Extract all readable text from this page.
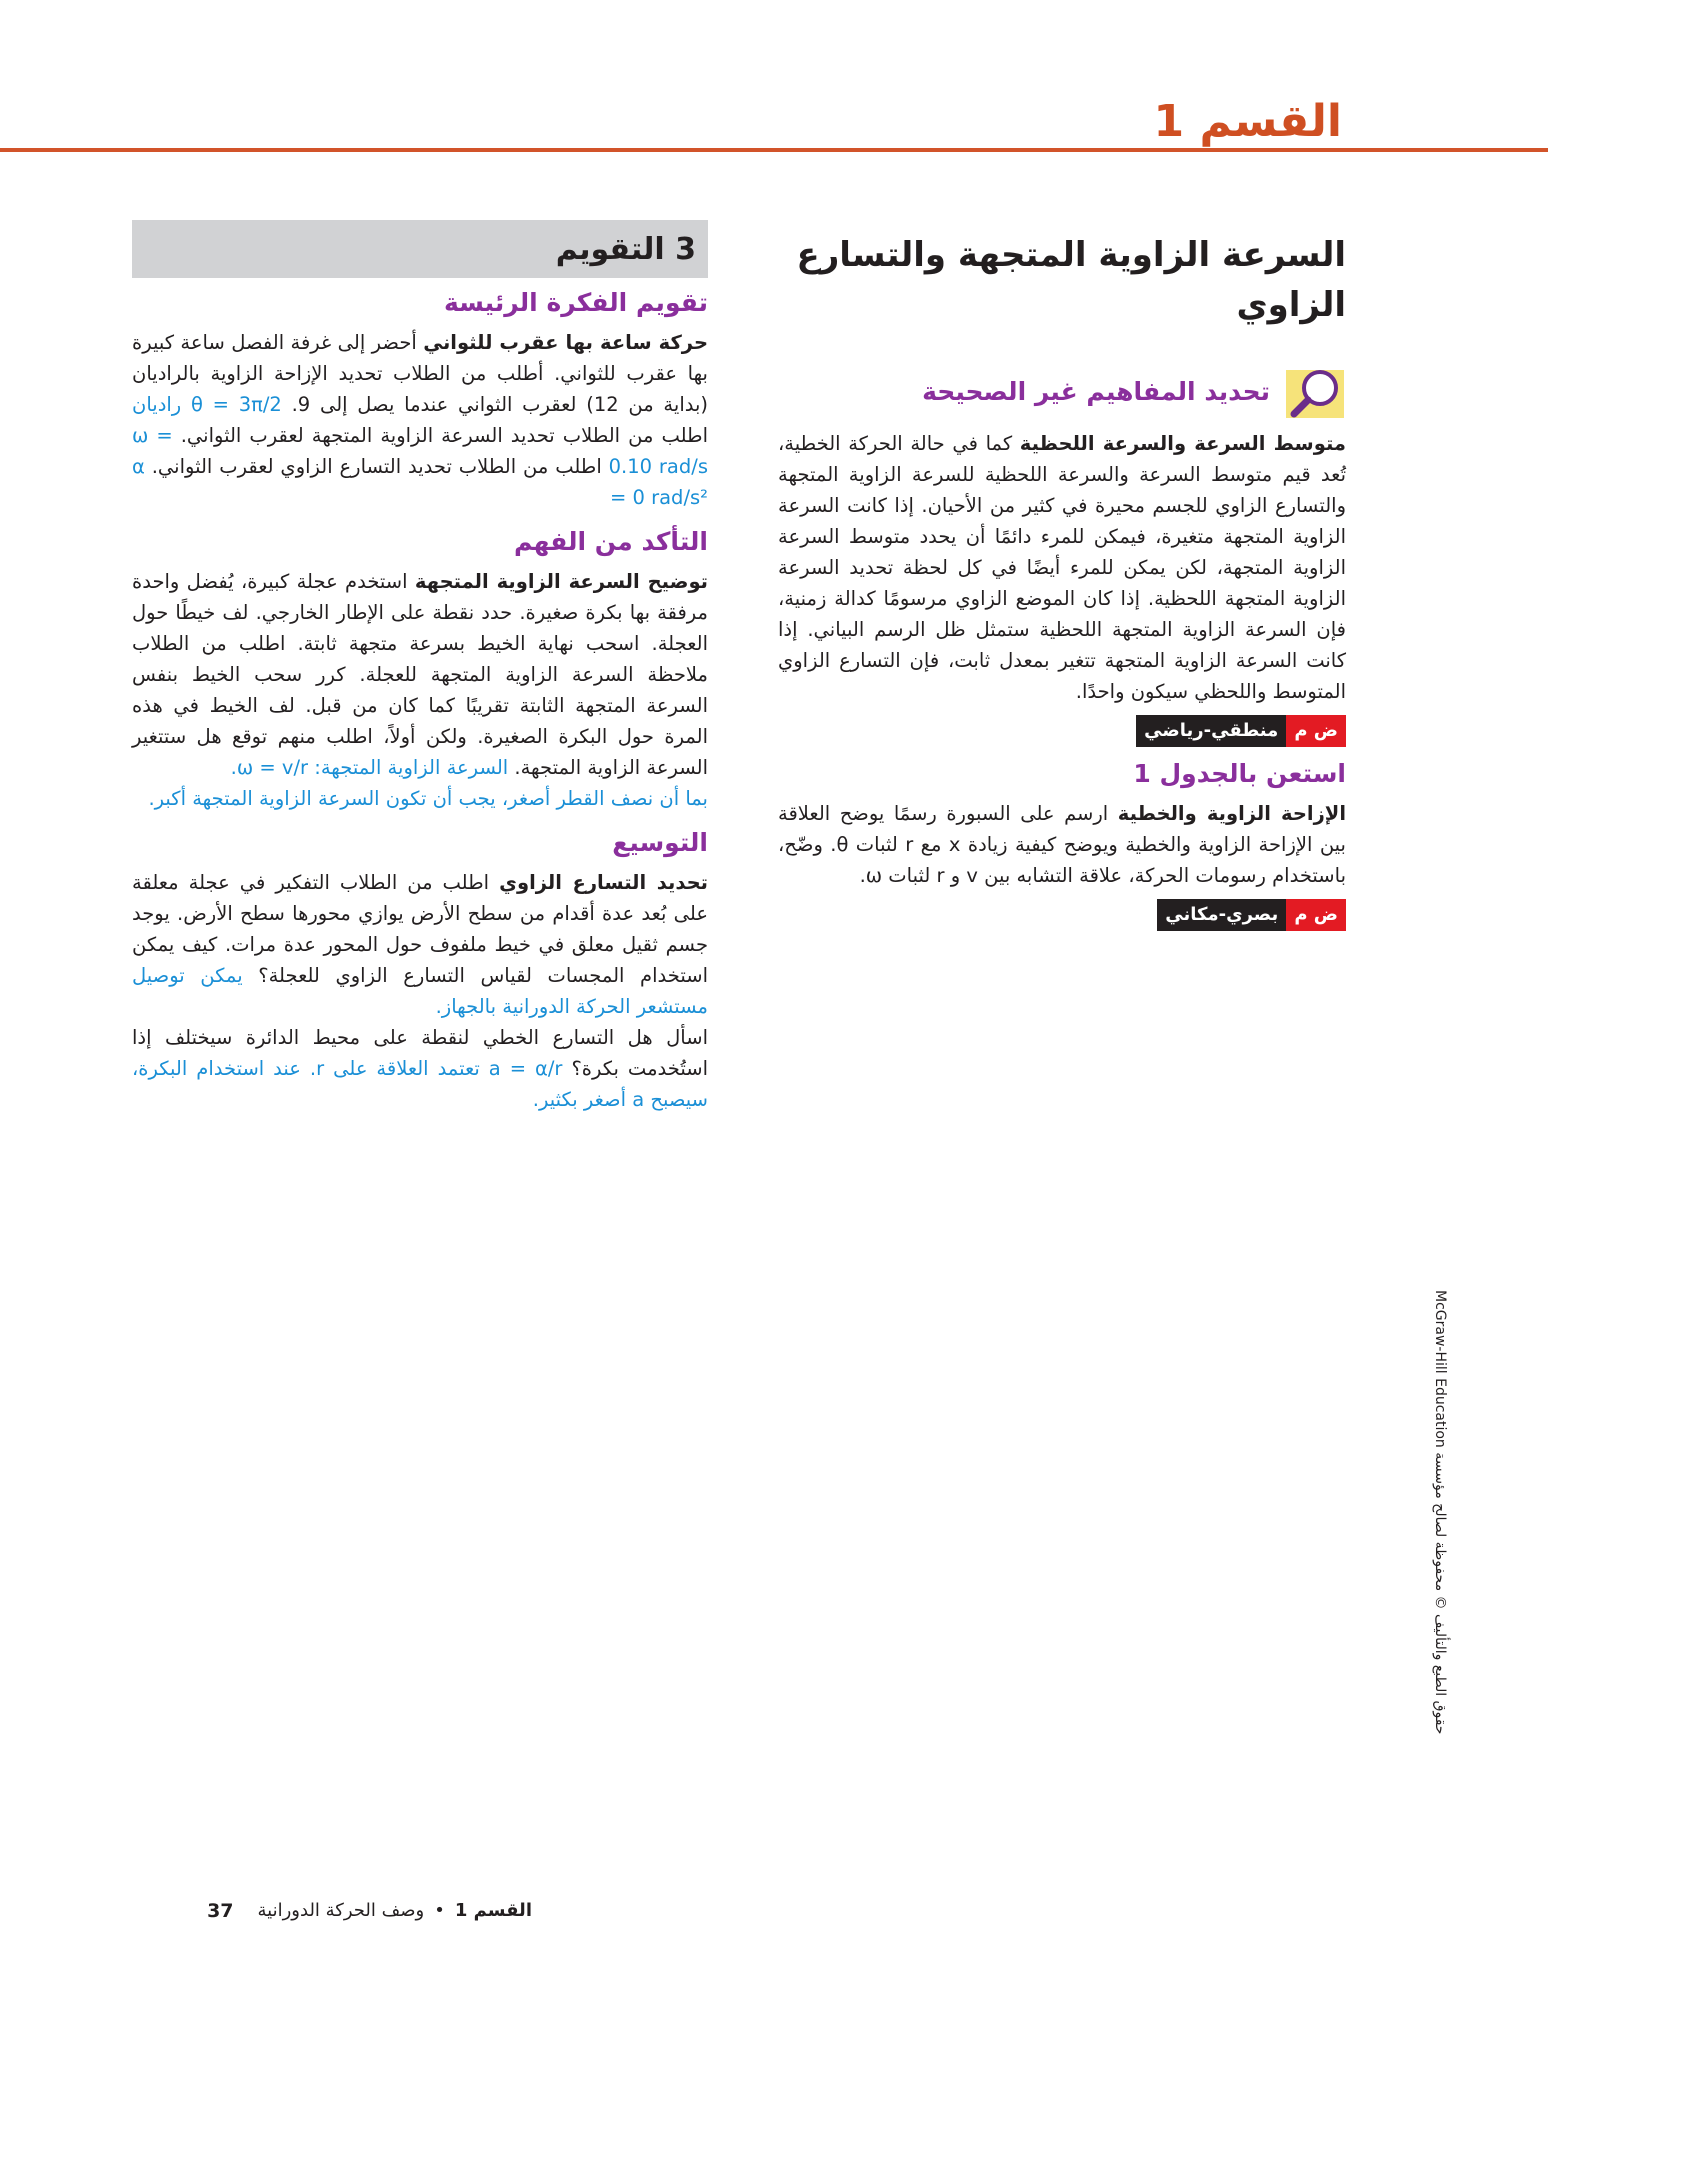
القسم 1
السرعة الزاوية المتجهة والتسارع الزاوي
تحديد المفاهيم غير الصحيحة

متوسط السرعة والسرعة اللحظية كما في حالة الحركة الخطية، تُعد قيم متوسط السرعة والسرعة اللحظية للسرعة الزاوية المتجهة والتسارع الزاوي للجسم محيرة في كثير من الأحيان. إذا كانت السرعة الزاوية المتجهة متغيرة، فيمكن للمرء دائمًا أن يحدد متوسط السرعة الزاوية المتجهة، لكن يمكن للمرء أيضًا في كل لحظة تحديد السرعة الزاوية المتجهة اللحظية. إذا كان الموضع الزاوي مرسومًا كدالة زمنية، فإن السرعة الزاوية المتجهة اللحظية ستمثل ظل الرسم البياني. إذا كانت السرعة الزاوية المتجهة تتغير بمعدل ثابت، فإن التسارع الزاوي المتوسط واللحظي سيكون واحدًا.

ض م
منطقي-رياضي
استعن بالجدول 1

الإزاحة الزاوية والخطية ارسم على السبورة رسمًا يوضح العلاقة بين الإزاحة الزاوية والخطية ويوضح كيفية زيادة x مع r لثبات θ. وضّح، باستخدام رسومات الحركة، علاقة التشابه بين v و r لثبات ω.

ض م
بصري-مكاني
3 التقويم
تقويم الفكرة الرئيسة

حركة ساعة بها عقرب للثواني أحضر إلى غرفة الفصل ساعة كبيرة بها عقرب للثواني. أطلب من الطلاب تحديد الإزاحة الزاوية بالراديان (بداية من 12) لعقرب الثواني عندما يصل إلى 9. θ = 3π/2 راديان اطلب من الطلاب تحديد السرعة الزاوية المتجهة لعقرب الثواني. ω = 0.10 rad/s اطلب من الطلاب تحديد التسارع الزاوي لعقرب الثواني. α = 0 rad/s²

التأكد من الفهم

توضيح السرعة الزاوية المتجهة استخدم عجلة كبيرة، يُفضل واحدة مرفقة بها بكرة صغيرة. حدد نقطة على الإطار الخارجي. لف خيطًا حول العجلة. اسحب نهاية الخيط بسرعة متجهة ثابتة. اطلب من الطلاب ملاحظة السرعة الزاوية المتجهة للعجلة. كرر سحب الخيط بنفس السرعة المتجهة الثابتة تقريبًا كما كان من قبل. لف الخيط في هذه المرة حول البكرة الصغيرة. ولكن أولاً، اطلب منهم توقع هل ستتغير السرعة الزاوية المتجهة. السرعة الزاوية المتجهة: ω = v/r.

بما أن نصف القطر أصغر، يجب أن تكون السرعة الزاوية المتجهة أكبر.

التوسيع

تحديد التسارع الزاوي اطلب من الطلاب التفكير في عجلة معلقة على بُعد عدة أقدام من سطح الأرض يوازي محورها سطح الأرض. يوجد جسم ثقيل معلق في خيط ملفوف حول المحور عدة مرات. كيف يمكن استخدام المجسات لقياس التسارع الزاوي للعجلة؟ يمكن توصيل مستشعر الحركة الدورانية بالجهاز.

اسأل هل التسارع الخطي لنقطة على محيط الدائرة سيختلف إذا استُخدمت بكرة؟ a = α/r تعتمد العلاقة على r. عند استخدام البكرة، سيصبح a أصغر بكثير.

القسم 1
•
وصف الحركة الدورانية
37
حقوق الطبع والتأليف © محفوظة لصالح مؤسسة McGraw-Hill Education
